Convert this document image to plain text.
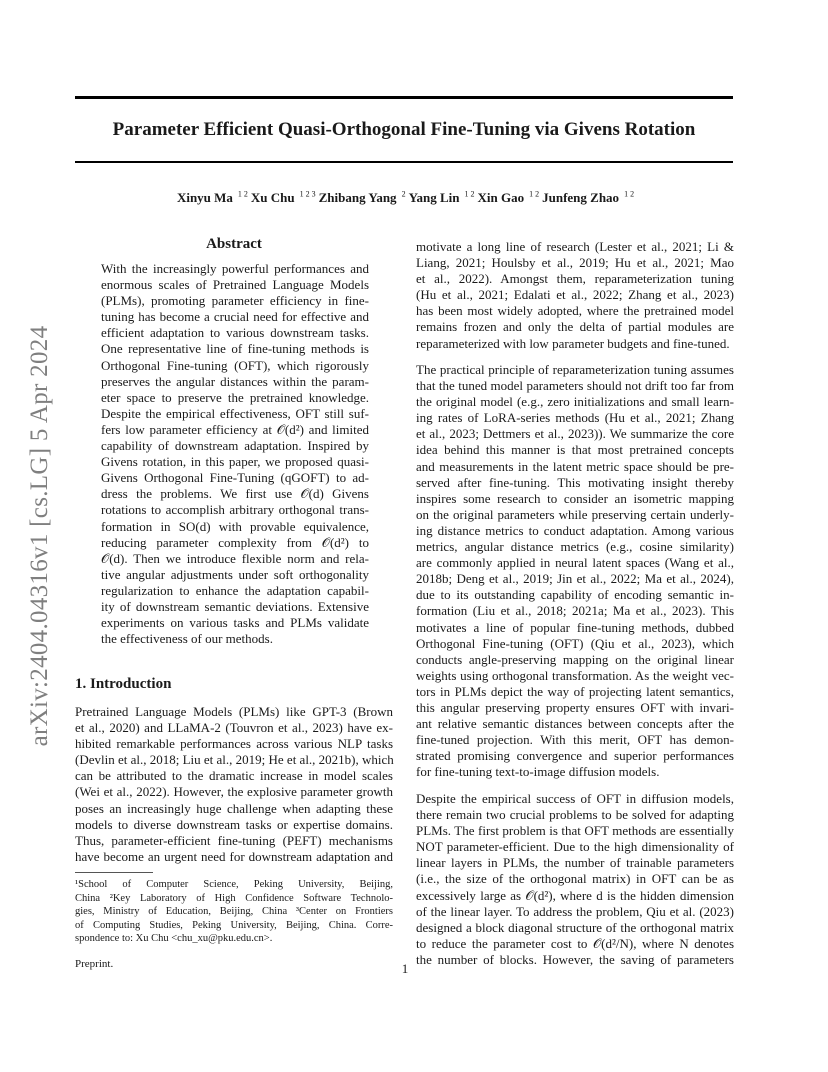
Parameter Efficient Quasi-Orthogonal Fine-Tuning via Givens Rotation
Xinyu Ma $^{1 2}$ Xu Chu $^{1 2 3}$ Zhibang Yang $^2$ Yang Lin $^{1 2}$ Xin Gao $^{1 2}$ Junfeng Zhao $^{1 2}$
arXiv:2404.04316v1 [cs.LG] 5 Apr 2024
Abstract

With the increasingly powerful performances and

enormous scales of Pretrained Language Models

(PLMs), promoting parameter efficiency in fine-

tuning has become a crucial need for effective and

efficient adaptation to various downstream tasks.

One representative line of fine-tuning methods is

Orthogonal Fine-tuning (OFT), which rigorously

preserves the angular distances within the param-

eter space to preserve the pretrained knowledge.

Despite the empirical effectiveness, OFT still suf-

fers low parameter efficiency at 𝒪(d²) and limited

capability of downstream adaptation. Inspired by

Givens rotation, in this paper, we proposed quasi-

Givens Orthogonal Fine-Tuning (qGOFT) to ad-

dress the problems. We first use 𝒪(d) Givens

rotations to accomplish arbitrary orthogonal trans-

formation in SO(d) with provable equivalence,

reducing parameter complexity from 𝒪(d²) to

𝒪(d). Then we introduce flexible norm and rela-

tive angular adjustments under soft orthogonality

regularization to enhance the adaptation capabil-

ity of downstream semantic deviations. Extensive

experiments on various tasks and PLMs validate

the effectiveness of our methods.

1. Introduction

Pretrained Language Models (PLMs) like GPT-3 (Brown

et al., 2020) and LLaMA-2 (Touvron et al., 2023) have ex-

hibited remarkable performances across various NLP tasks

(Devlin et al., 2018; Liu et al., 2019; He et al., 2021b), which

can be attributed to the dramatic increase in model scales

(Wei et al., 2022). However, the explosive parameter growth

poses an increasingly huge challenge when adapting these

models to diverse downstream tasks or expertise domains.

Thus, parameter-efficient fine-tuning (PEFT) mechanisms

have become an urgent need for downstream adaptation and

¹School of Computer Science, Peking University, Beijing,

China ²Key Laboratory of High Confidence Software Technolo-

gies, Ministry of Education, Beijing, China ³Center on Frontiers

of Computing Studies, Peking University, Beijing, China. Corre-

spondence to: Xu Chu <chu_xu@pku.edu.cn>.

Preprint.

motivate a long line of research (Lester et al., 2021; Li &

Liang, 2021; Houlsby et al., 2019; Hu et al., 2021; Mao

et al., 2022). Amongst them, reparameterization tuning

(Hu et al., 2021; Edalati et al., 2022; Zhang et al., 2023)

has been most widely adopted, where the pretrained model

remains frozen and only the delta of partial modules are

reparameterized with low parameter budgets and fine-tuned.

The practical principle of reparameterization tuning assumes

that the tuned model parameters should not drift too far from

the original model (e.g., zero initializations and small learn-

ing rates of LoRA-series methods (Hu et al., 2021; Zhang

et al., 2023; Dettmers et al., 2023)). We summarize the core

idea behind this manner is that most pretrained concepts

and measurements in the latent metric space should be pre-

served after fine-tuning. This motivating insight thereby

inspires some research to consider an isometric mapping

on the original parameters while preserving certain underly-

ing distance metrics to conduct adaptation. Among various

metrics, angular distance metrics (e.g., cosine similarity)

are commonly applied in neural latent spaces (Wang et al.,

2018b; Deng et al., 2019; Jin et al., 2022; Ma et al., 2024),

due to its outstanding capability of encoding semantic in-

formation (Liu et al., 2018; 2021a; Ma et al., 2023). This

motivates a line of popular fine-tuning methods, dubbed

Orthogonal Fine-tuning (OFT) (Qiu et al., 2023), which

conducts angle-preserving mapping on the original linear

weights using orthogonal transformation. As the weight vec-

tors in PLMs depict the way of projecting latent semantics,

this angular preserving property ensures OFT with invari-

ant relative semantic distances between concepts after the

fine-tuned projection. With this merit, OFT has demon-

strated promising convergence and superior performances

for fine-tuning text-to-image diffusion models.

Despite the empirical success of OFT in diffusion models,

there remain two crucial problems to be solved for adapting

PLMs. The first problem is that OFT methods are essentially

NOT parameter-efficient. Due to the high dimensionality of

linear layers in PLMs, the number of trainable parameters

(i.e., the size of the orthogonal matrix) in OFT can be as

excessively large as 𝒪(d²), where d is the hidden dimension

of the linear layer. To address the problem, Qiu et al. (2023)

designed a block diagonal structure of the orthogonal matrix

to reduce the parameter cost to 𝒪(d²/N), where N denotes

the number of blocks. However, the saving of parameters

1
